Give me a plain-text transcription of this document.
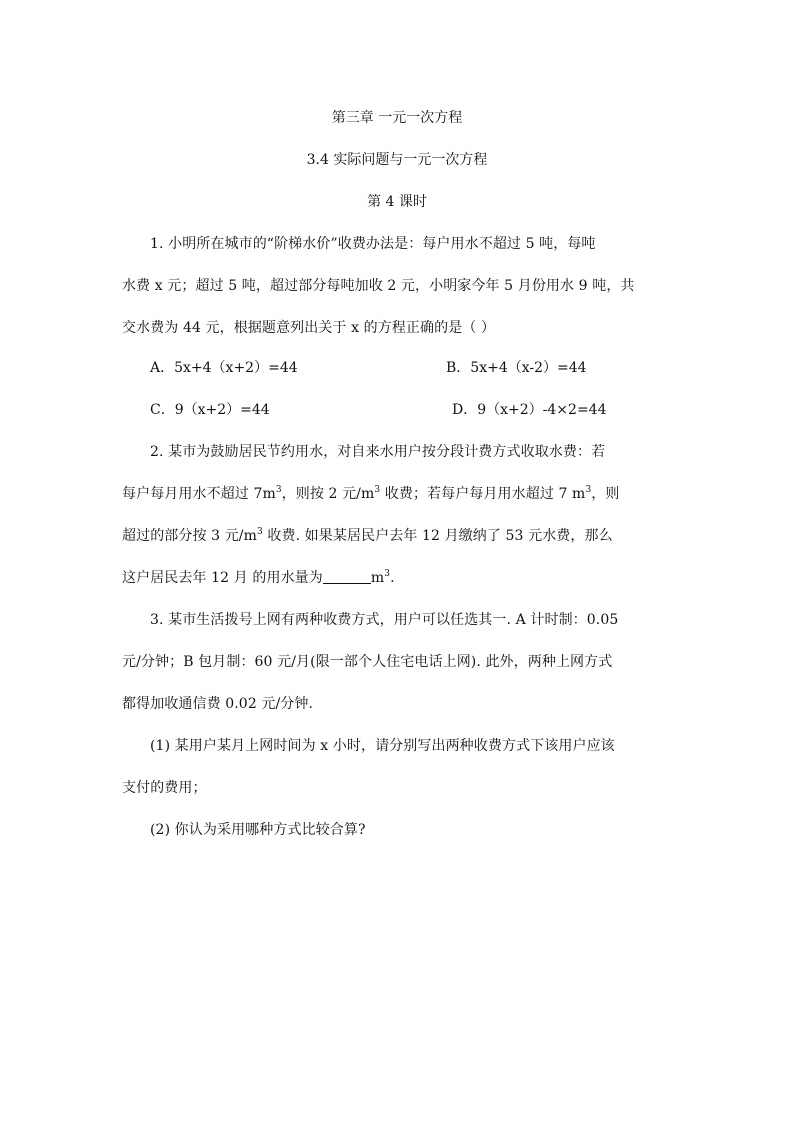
第三章 一元一次方程
3.4 实际问题与一元一次方程
第 4 课时
1. 小明所在城市的“阶梯水价”收费办法是：每户用水不超过 5 吨，每吨
水费 x 元；超过 5 吨，超过部分每吨加收 2 元，小明家今年 5 月份用水 9 吨，共
交水费为 44 元，根据题意列出关于 x 的方程正确的是（ ）
A．5x+4（x+2）=44	B．5x+4（x-2）=44
C．9（x+2）=44	D．9（x+2）-4×2=44
2. 某市为鼓励居民节约用水，对自来水用户按分段计费方式收取水费：若
每户每月用水不超过 $7m^3$，则按 2 元$/m^3$ 收费；若每户每月用水超过 7 $m^3$，则
超过的部分按 3 元$/m^3$ 收费. 如果某居民户去年 12 月缴纳了 53 元水费，那么
这户居民去年 12 月 的用水量为	$m^3$.
3. 某市生活拨号上网有两种收费方式，用户可以任选其一. A 计时制：0.05
元/分钟；B 包月制：60 元/月(限一部个人住宅电话上网). 此外，两种上网方式
都得加收通信费 0.02 元/分钟.
(1) 某用户某月上网时间为 x 小时，请分别写出两种收费方式下该用户应该
支付的费用；
(2) 你认为采用哪种方式比较合算?
